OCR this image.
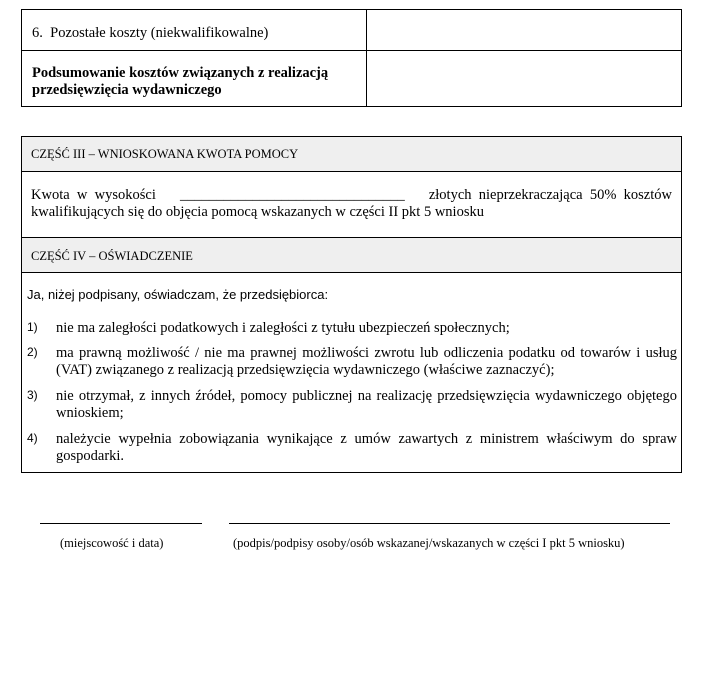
6.  Pozostałe koszty (niekwalifikowalne)
Podsumowanie kosztów związanych z realizacją
przedsięwzięcia wydawniczego
CZĘŚĆ III – WNIOSKOWANA KWOTA POMOCY
Kwota  w  wysokości _______________________________ złotych  nieprzekraczająca  50%  kosztów
kwalifikujących się do objęcia pomocą wskazanych w części II pkt 5 wniosku
CZĘŚĆ IV – OŚWIADCZENIE
Ja, niżej podpisany, oświadczam, że przedsiębiorca:
1) nie ma zaległości podatkowych i zaległości z tytułu ubezpieczeń społecznych;
2) ma prawną możliwość / nie ma prawnej możliwości zwrotu lub odliczenia podatku od towarów i usług (VAT) związanego z realizacją przedsięwzięcia wydawniczego (właściwe zaznaczyć);
3) nie otrzymał, z innych źródeł, pomocy publicznej na realizację przedsięwzięcia wydawniczego objętego wnioskiem;
4) należycie wypełnia zobowiązania wynikające z umów zawartych z ministrem właściwym do spraw gospodarki.
(miejscowość i data)	(podpis/podpisy osoby/osób wskazanej/wskazanych w części I pkt 5 wniosku)
